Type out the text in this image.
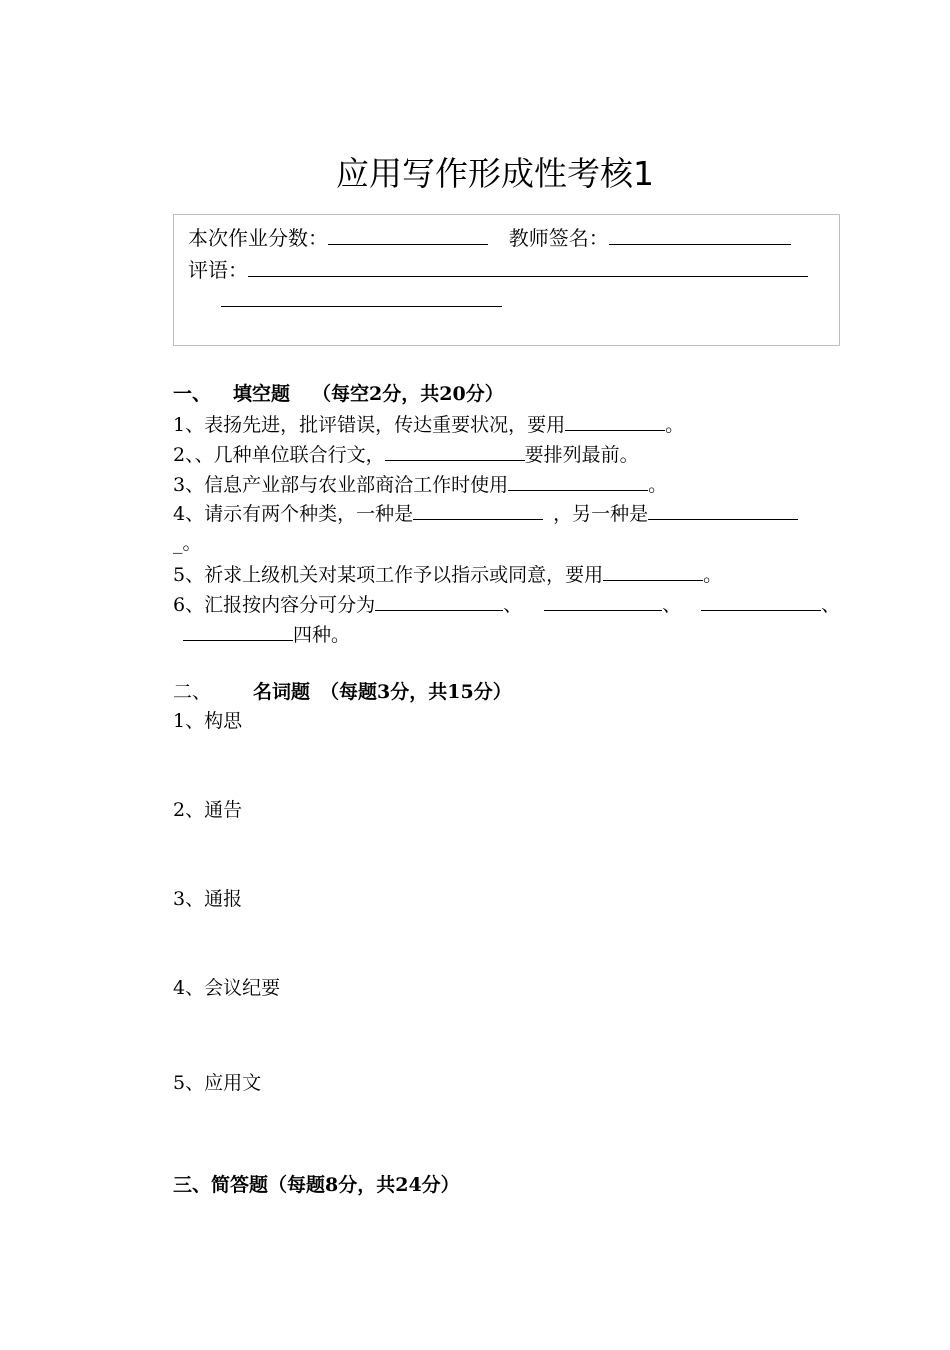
应用写作形成性考核1
本次作业分数：	教师签名：
评语：
一、 填空题 （每空2分，共20分）
1、表扬先进，批评错误，传达重要状况，要用	。
2、、几种单位联合行文，	要排列最前。
3、信息产业部与农业部商洽工作时使用	。
4、请示有两个种类，一种是	，另一种是
_。
5、祈求上级机关对某项工作予以指示或同意，要用	。
6、汇报按内容分可分为	、	、	、
四种。
二、 名词题 （每题3分，共15分）
1、构思
2、通告
3、通报
4、会议纪要
5、应用文
三、简答题（每题8分，共24分）
